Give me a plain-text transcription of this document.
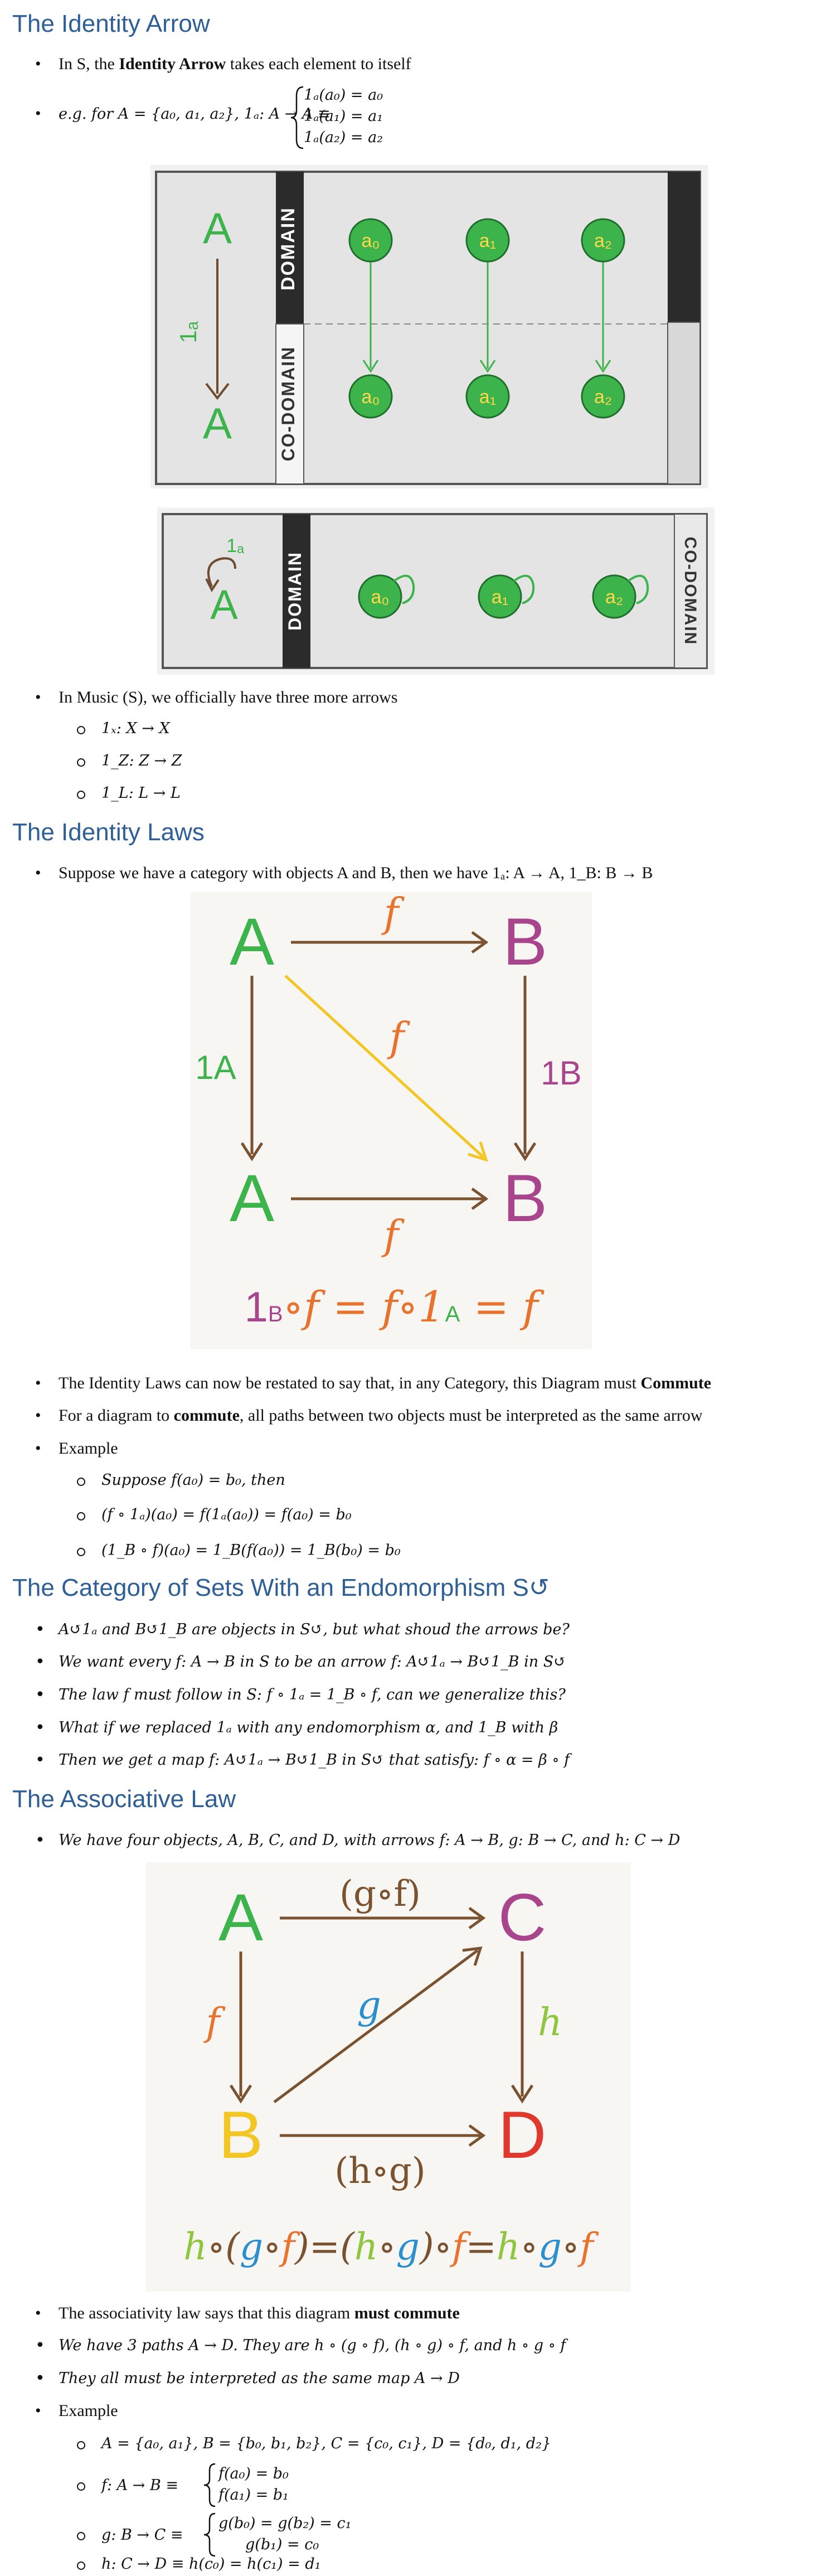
The Identity Arrow
• In S, the Identity Arrow takes each element to itself
• e.g. for A = {a₀, a₁, a₂}, 1ₐ: A → A ≡
1ₐ(a₀) = a₀
1ₐ(a₁) = a₁
1ₐ(a₂) = a₂
DOMAIN
CO-DOMAIN
A
A
1ₐ
a₀
a₀
a₁
a₁
a₂
a₂
DOMAIN	CO-DOMAIN
A
1ₐ
a₀	a₁	a₂
• In Music (S), we officially have three more arrows
1ₓ: X → X
1_Z: Z → Z
1_L: L → L
The Identity Laws
• Suppose we have a category with objects A and B, then we have 1ₐ: A → A, 1_B: B → B
A	B
A	B
f
f
1A	1B
f
1B∘f = f∘1A = f
• The Identity Laws can now be restated to say that, in any Category, this Diagram must Commute
• For a diagram to commute, all paths between two objects must be interpreted as the same arrow
• Example
Suppose f(a₀) = b₀, then
(f ∘ 1ₐ)(a₀) = f(1ₐ(a₀)) = f(a₀) = b₀
(1_B ∘ f)(a₀) = 1_B(f(a₀)) = 1_B(b₀) = b₀
The Category of Sets With an Endomorphism S↺
• A↺1ₐ and B↺1_B are objects in S↺, but what shoud the arrows be?
• We want every f: A → B in S to be an arrow f: A↺1ₐ → B↺1_B in S↺
• The law f must follow in S: f ∘ 1ₐ = 1_B ∘ f, can we generalize this?
• What if we replaced 1ₐ with any endomorphism α, and 1_B with β
• Then we get a map f: A↺1ₐ → B↺1_B in S↺ that satisfy: f ∘ α = β ∘ f
The Associative Law
• We have four objects, A, B, C, and D, with arrows f: A → B, g: B → C, and h: C → D
A	C
B	D
(g∘f)
f	g	h
(h∘g)
h∘(g∘f)=(h∘g)∘f=h∘g∘f
• The associativity law says that this diagram must commute
• We have 3 paths A → D. They are h ∘ (g ∘ f), (h ∘ g) ∘ f, and h ∘ g ∘ f
• They all must be interpreted as the same map A → D
• Example
A = {a₀, a₁}, B = {b₀, b₁, b₂}, C = {c₀, c₁}, D = {d₀, d₁, d₂}
f: A → B ≡
f(a₀) = b₀
f(a₁) = b₁
g: B → C ≡
g(b₀) = g(b₂) = c₁
g(b₁) = c₀
h: C → D ≡ h(c₀) = h(c₁) = d₁
